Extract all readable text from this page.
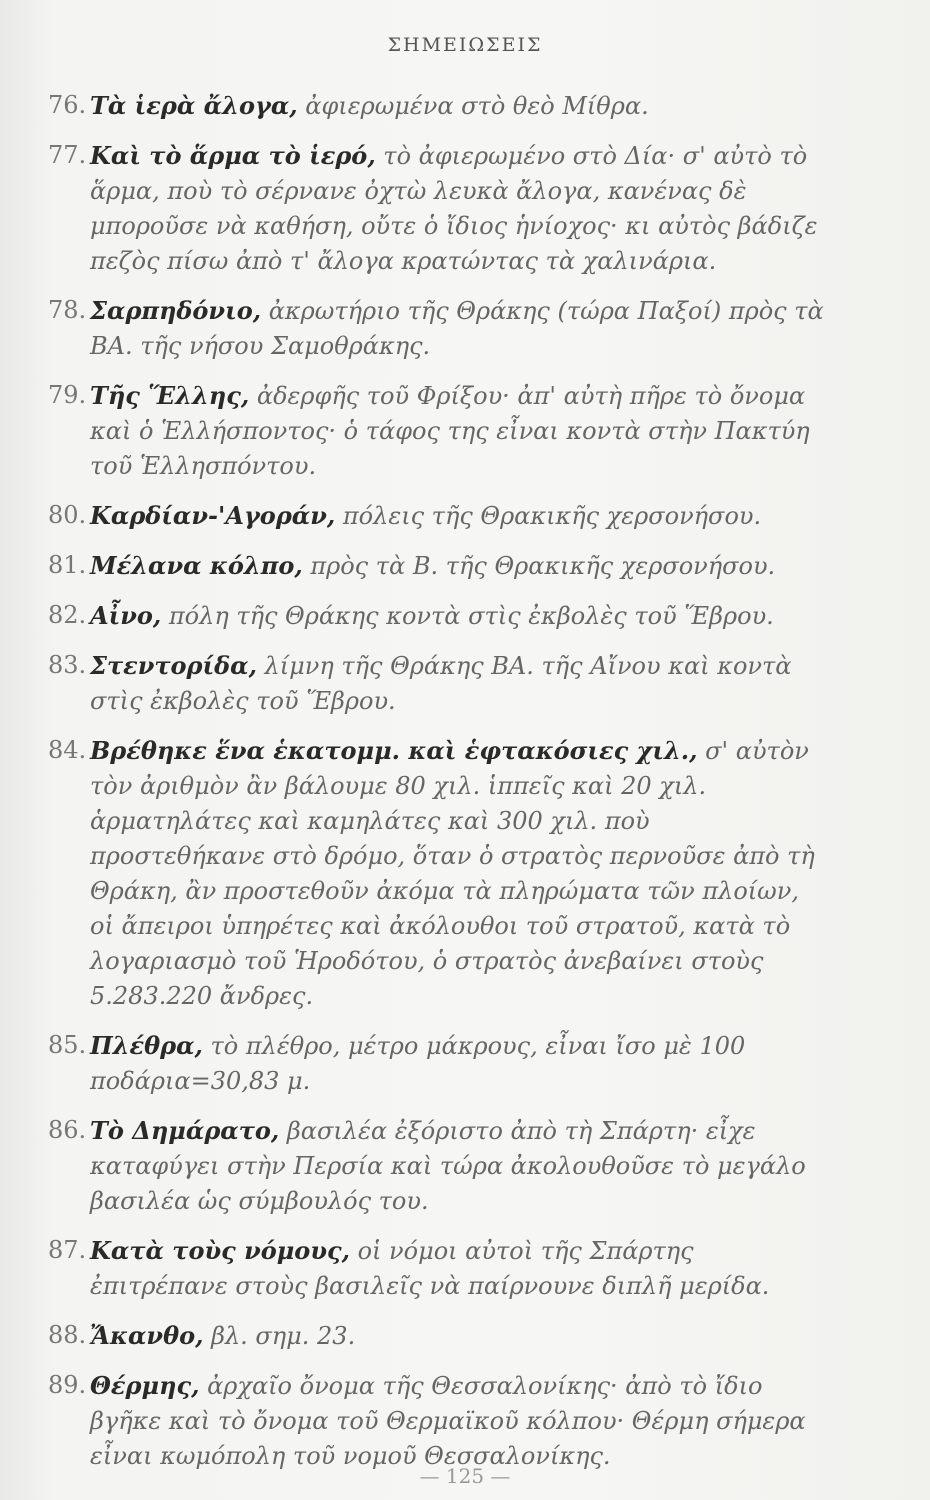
ΣΗΜΕΙΩΣΕΙΣ
76. Τὰ ἱερὰ ἄλογα, ἀφιερωμένα στὸ θεὸ Μίθρα.
77. Καὶ τὸ ἅρμα τὸ ἱερό, τὸ ἀφιερωμένο στὸ Δία· σ' αὐτὸ τὸ ἅρμα, ποὺ τὸ σέρνανε ὀχτὼ λευκὰ ἄλογα, κανένας δὲ μποροῦσε νὰ καθήση, οὔτε ὁ ἴδιος ἡνίοχος· κι αὐτὸς βάδιζε πεζὸς πίσω ἀπὸ τ' ἄλογα κρατώντας τὰ χαλινάρια.
78. Σαρπηδόνιο, ἀκρωτήριο τῆς Θράκης (τώρα Παξοί) πρὸς τὰ ΒΑ. τῆς νήσου Σαμοθράκης.
79. Τῆς Ἕλλης, ἀδερφῆς τοῦ Φρίξου· ἀπ' αὐτὴ πῆρε τὸ ὄνομα καὶ ὁ Ἑλλήσποντος· ὁ τάφος της εἶναι κοντὰ στὴν Πακτύη τοῦ Ἑλλησπόντου.
80. Καρδίαν-'Αγοράν, πόλεις τῆς Θρακικῆς χερσονήσου.
81. Μέλανα κόλπο, πρὸς τὰ Β. τῆς Θρακικῆς χερσονήσου.
82. Αἶνο, πόλη τῆς Θράκης κοντὰ στὶς ἐκβολὲς τοῦ Ἕβρου.
83. Στεντορίδα, λίμνη τῆς Θράκης ΒΑ. τῆς Αἴνου καὶ κοντὰ στὶς ἐκβολὲς τοῦ Ἕβρου.
84. Βρέθηκε ἕνα ἑκατομμ. καὶ ἑφτακόσιες χιλ., σ' αὐτὸν τὸν ἀριθμὸν ἂν βάλουμε 80 χιλ. ἱππεῖς καὶ 20 χιλ. ἁρματηλάτες καὶ καμηλάτες καὶ 300 χιλ. ποὺ προστεθήκανε στὸ δρόμο, ὅταν ὁ στρατὸς περνοῦσε ἀπὸ τὴ Θράκη, ἂν προστεθοῦν ἀκόμα τὰ πληρώματα τῶν πλοίων, οἱ ἄπειροι ὑπηρέτες καὶ ἀκόλουθοι τοῦ στρατοῦ, κατὰ τὸ λογαριασμὸ τοῦ Ἡροδότου, ὁ στρατὸς ἀνεβαίνει στοὺς 5.283.220 ἄνδρες.
85. Πλέθρα, τὸ πλέθρο, μέτρο μάκρους, εἶναι ἴσο μὲ 100 ποδάρια=30,83 μ.
86. Τὸ Δημάρατο, βασιλέα ἐξόριστο ἀπὸ τὴ Σπάρτη· εἶχε καταφύγει στὴν Περσία καὶ τώρα ἀκολουθοῦσε τὸ μεγάλο βασιλέα ὡς σύμβουλός του.
87. Κατὰ τοὺς νόμους, οἱ νόμοι αὐτοὶ τῆς Σπάρτης ἐπιτρέπανε στοὺς βασιλεῖς νὰ παίρνουνε διπλῆ μερίδα.
88. Ἄκανθο, βλ. σημ. 23.
89. Θέρμης, ἀρχαῖο ὄνομα τῆς Θεσσαλονίκης· ἀπὸ τὸ ἴδιο βγῆκε καὶ τὸ ὄνομα τοῦ Θερμαϊκοῦ κόλπου· Θέρμη σήμερα εἶναι κωμόπολη τοῦ νομοῦ Θεσσαλονίκης.
— 125 —
